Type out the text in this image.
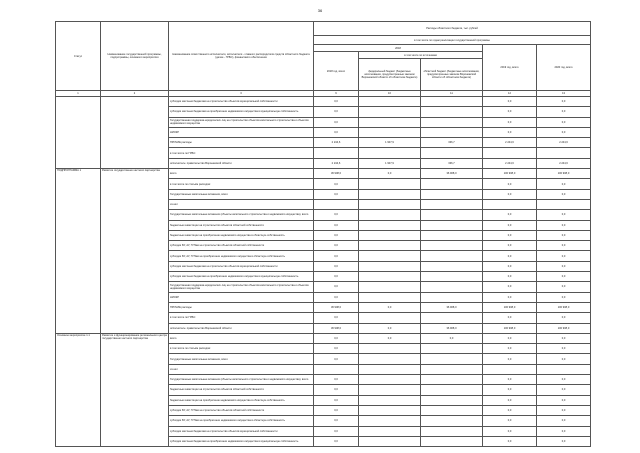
36
Статус	Наименование государственной программы, подпрограммы, основного мероприятия	Наименование ответственного исполнителя, исполнителя - главного распорядителя средств областного бюджета (далее - ГРБС), финансового обеспечения	Расходы областного бюджета, тыс. рублей				
			в том числе по годам реализации государственной программы				
			2018			2019 год, всего	2020 год, всего
			2018 год, всего	в том числе по источникам			
				федеральный бюджет (бюджетные ассигнования, предусмотренные законом Воронежской области об областном бюджете)	областной бюджет (бюджетные ассигнования, предусмотренные законом Воронежской области об областном бюджете)		
1	2	3	9	10	11	12	13
		субсидии местным бюджетам на строительство объектов муниципальной собственности	0,0			0,0	0,0
		субсидии местным бюджетам на приобретение недвижимого имущества в муниципальную собственность	0,0			0,0	0,0
		Государственная поддержка юридических лиц на строительство объектов капитального строительства и объектов недвижимого имущества	0,0			0,0	0,0
		НИОКР	0,0			0,0	0,0
		ПРОЧИЕ расходы	2 244,6	1 907,9	336,7	2 244,6	2 244,6
		в том числе по ГРБС:					
		исполнитель: правительство Воронежской области	2 244,6	1 907,9	336,7	2 244,6	2 244,6
ПОДПРОГРАММА 1	Развитие государственно-частного партнерства	всего	36 908,0	0,0	36 908,0	100 908,0	100 908,0
		в том числе по статьям расходов:	0,0			0,0	0,0
		Государственные капитальные вложения, всего	0,0			0,0	0,0
		из них:					
		Государственные капитальные вложения (объекты капитального строительства и недвижимого имущества), всего	0,0			0,0	0,0
		бюджетные инвестиции на строительство объектов областной собственности	0,0			0,0	0,0
		бюджетные инвестиции на приобретение недвижимого имущества в областную собственность	0,0			0,0	0,0
		субсидии БУ, АУ, ГУПам на строительство объектов областной собственности	0,0			0,0	0,0
		субсидии БУ, АУ, ГУПам на приобретение недвижимого имущества в областную собственность	0,0			0,0	0,0
		субсидии местным бюджетам на строительство объектов муниципальной собственности	0,0			0,0	0,0
		субсидии местным бюджетам на приобретение недвижимого имущества в муниципальную собственность	0,0			0,0	0,0
		Государственная поддержка юридических лиц на строительство объектов капитального строительства и объектов недвижимого имущества	0,0			0,0	0,0
		НИОКР	0,0			0,0	0,0
		ПРОЧИЕ расходы	36 908,0	0,0	36 908,0	100 908,0	100 908,0
		в том числе по ГРБС:	0,0			0,0	0,0
		исполнитель: правительство Воронежской области	36 908,0	0,0	36 908,0	100 908,0	100 908,0
Основное мероприятие 1.1	Развитие и функционирование регионального центра государственно-частного партнерства	всего	0,0	0,0	0,0	0,0	0,0
		в том числе по статьям расходов:	0,0			0,0	0,0
		Государственные капитальные вложения, всего	0,0			0,0	0,0
		из них:					
		Государственные капитальные вложения (объекты капитального строительства и недвижимого имущества), всего	0,0			0,0	0,0
		бюджетные инвестиции на строительство объектов областной собственности	0,0			0,0	0,0
		бюджетные инвестиции на приобретение недвижимого имущества в областную собственность	0,0			0,0	0,0
		субсидии БУ, АУ, ГУПам на строительство объектов областной собственности	0,0			0,0	0,0
		субсидии БУ, АУ, ГУПам на приобретение недвижимого имущества в областную собственность	0,0			0,0	0,0
		субсидии местным бюджетам на строительство объектов муниципальной собственности	0,0			0,0	0,0
		субсидии местным бюджетам на приобретение недвижимого имущества в муниципальную собственность	0,0			0,0	0,0
